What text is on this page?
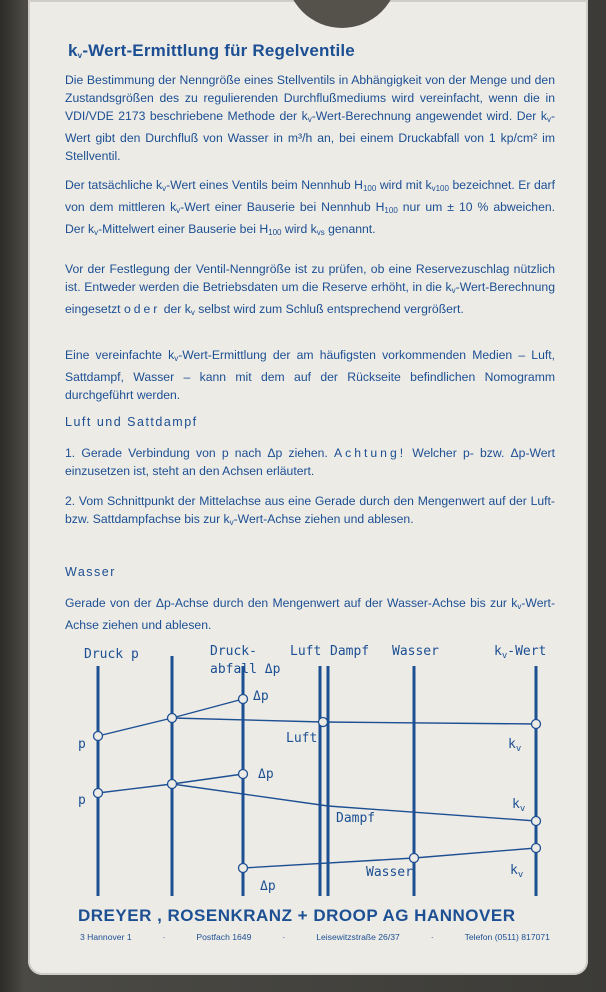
$k_v-Wert$-Ermittlung für Regelventile

Die Bestimmung der Nenngröße eines Stellventils in Abhängigkeit von der Menge und den Zustandsgrößen des zu regulierenden Durchflußmediums wird vereinfacht, wenn die in VDI/VDE 2173 beschriebene Methode der $k_v-Wert$-Berechnung angewendet wird. Der $k_v$-Wert gibt den Durchfluß von Wasser in m³/h an, bei einem Druckabfall von 1 kp/cm² im Stellventil.

Der tatsächliche $k_v$-Wert eines Ventils beim Nennhub $H_{100}$ wird mit $k_{v100}$ bezeichnet. Er darf von dem mittleren $k_v$-Wert einer Bauserie bei Nennhub $H_{100}$ nur um ± 10 % abweichen. Der $k_v$-Mittelwert einer Bauserie bei $H_{100}$ wird $k_{vs}$ genannt.

Vor der Festlegung der Ventil-Nenngröße ist zu prüfen, ob eine Reservezuschlag nützlich ist. Entweder werden die Betriebsdaten um die Reserve erhöht, in die $k_v-Wert$-Berechnung eingesetzt oder der $k_v$ selbst wird zum Schluß entsprechend vergrößert.

Eine vereinfachte $k_v-Wert$-Ermittlung der am häufigsten vorkommenden Medien – Luft, Sattdampf, Wasser – kann mit dem auf der Rückseite befindlichen Nomogramm durchgeführt werden.

Luft und Sattdampf

1. Gerade Verbindung von p nach Δp ziehen. Achtung! Welcher p- bzw. Δp-Wert einzusetzen ist, steht an den Achsen erläutert.

2. Vom Schnittpunkt der Mittelachse aus eine Gerade durch den Mengenwert auf der Luft- bzw. Sattdampfachse bis zur $k_v-Wert$-Achse ziehen und ablesen.

Wasser

Gerade von der Δp-Achse durch den Mengenwert auf der Wasser-Achse bis zur $k_v-Wert$-Achse ziehen und ablesen.

Druck p	Druck-
abfall Δp
Luft Dampf Wasser	$k_v$-Wert
p
p
Δp
Δp
Δp
Luft
Dampf
Wasser
$k_v$
$k_v$
$k_v$
DREYER , ROSENKRANZ + DROOP AG HANNOVER
3 Hannover 1	·	Postfach 1649	·	Leisewitzstraße 26/37	·	Telefon (0511) 817071
